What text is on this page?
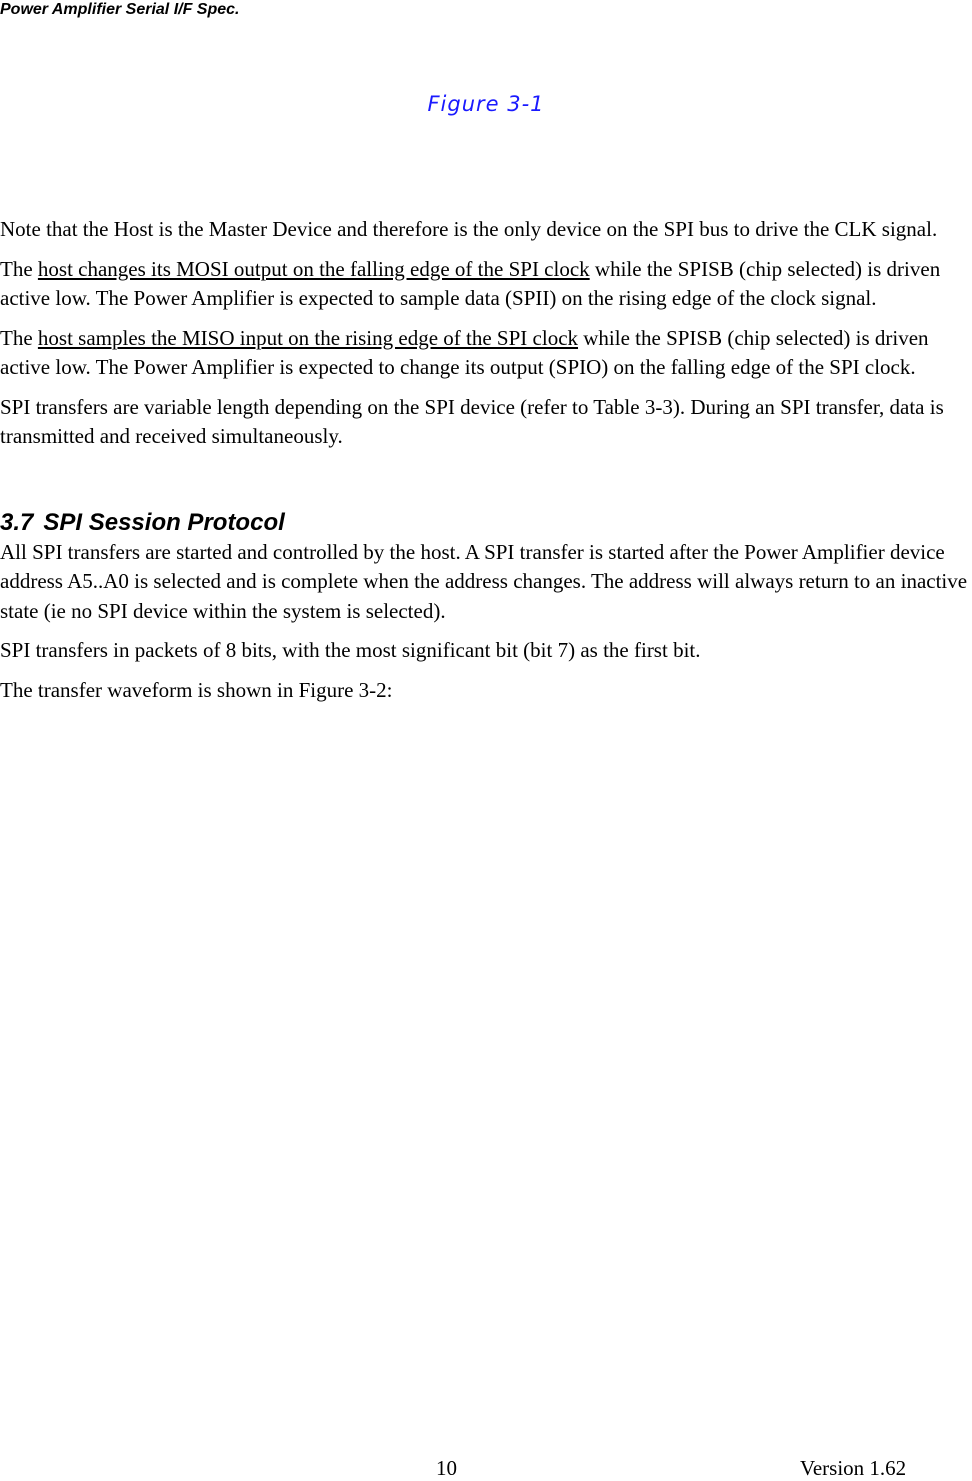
Power Amplifier Serial I/F Spec.
Figure 3-1

Note that the Host is the Master Device and therefore is the only device on the SPI bus to drive the CLK signal.

The host changes its MOSI output on the falling edge of the SPI clock while the SPISB (chip selected) is driven active low. The Power Amplifier is expected to sample data (SPII) on the rising edge of the clock signal.

The host samples the MISO input on the rising edge of the SPI clock while the SPISB (chip selected) is driven active low. The Power Amplifier is expected to change its output (SPIO) on the falling edge of the SPI clock.

SPI transfers are variable length depending on the SPI device (refer to Table 3-3). During an SPI transfer, data is transmitted and received simultaneously.

3.7 SPI Session Protocol

All SPI transfers are started and controlled by the host. A SPI transfer is started after the Power Amplifier device address A5..A0 is selected and is complete when the address changes. The address will always return to an inactive state (ie no SPI device within the system is selected).

SPI transfers in packets of 8 bits, with the most significant bit (bit 7) as the first bit.

The transfer waveform is shown in Figure 3-2:

10	Version 1.62
